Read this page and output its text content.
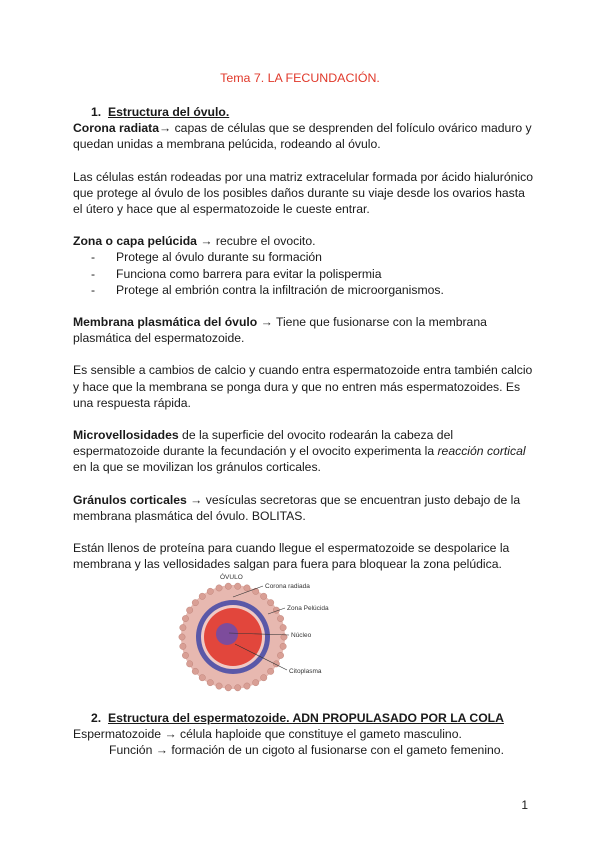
Tema 7. LA FECUNDACIÓN.

1. Estructura del óvulo.

Corona radiata→ capas de células que se desprenden del folículo ovárico maduro y quedan unidas a membrana pelúcida, rodeando al óvulo.

Las células están rodeadas por una matriz extracelular formada por ácido hialurónico que protege al óvulo de los posibles daños durante su viaje desde los ovarios hasta el útero y hace que al espermatozoide le cueste entrar.

Zona o capa pelúcida → recubre el ovocito.

- Protege al óvulo durante su formación
- Funciona como barrera para evitar la polispermia
- Protege al embrión contra la infiltración de microorganismos.

Membrana plasmática del óvulo → Tiene que fusionarse con la membrana plasmática del espermatozoide.

Es sensible a cambios de calcio y cuando entra espermatozoide entra también calcio y hace que la membrana se ponga dura y que no entren más espermatozoides. Es una respuesta rápida.

Microvellosidades de la superficie del ovocito rodearán la cabeza del espermatozoide durante la fecundación y el ovocito experimenta la reacción cortical en la que se movilizan los gránulos corticales.

Gránulos corticales → vesículas secretoras que se encuentran justo debajo de la membrana plasmática del óvulo. BOLITAS.

Están llenos de proteína para cuando llegue el espermatozoide se despolarice la membrana y las vellosidades salgan para fuera para bloquear la zona pelúdica.

ÓVULO
Corona radiada
Zona Pelúcida
Núcleo
Citoplasma

2. Estructura del espermatozoide. ADN PROPULASADO POR LA COLA

Espermatozoide → célula haploide que constituye el gameto masculino.

Función → formación de un cigoto al fusionarse con el gameto femenino.

1
